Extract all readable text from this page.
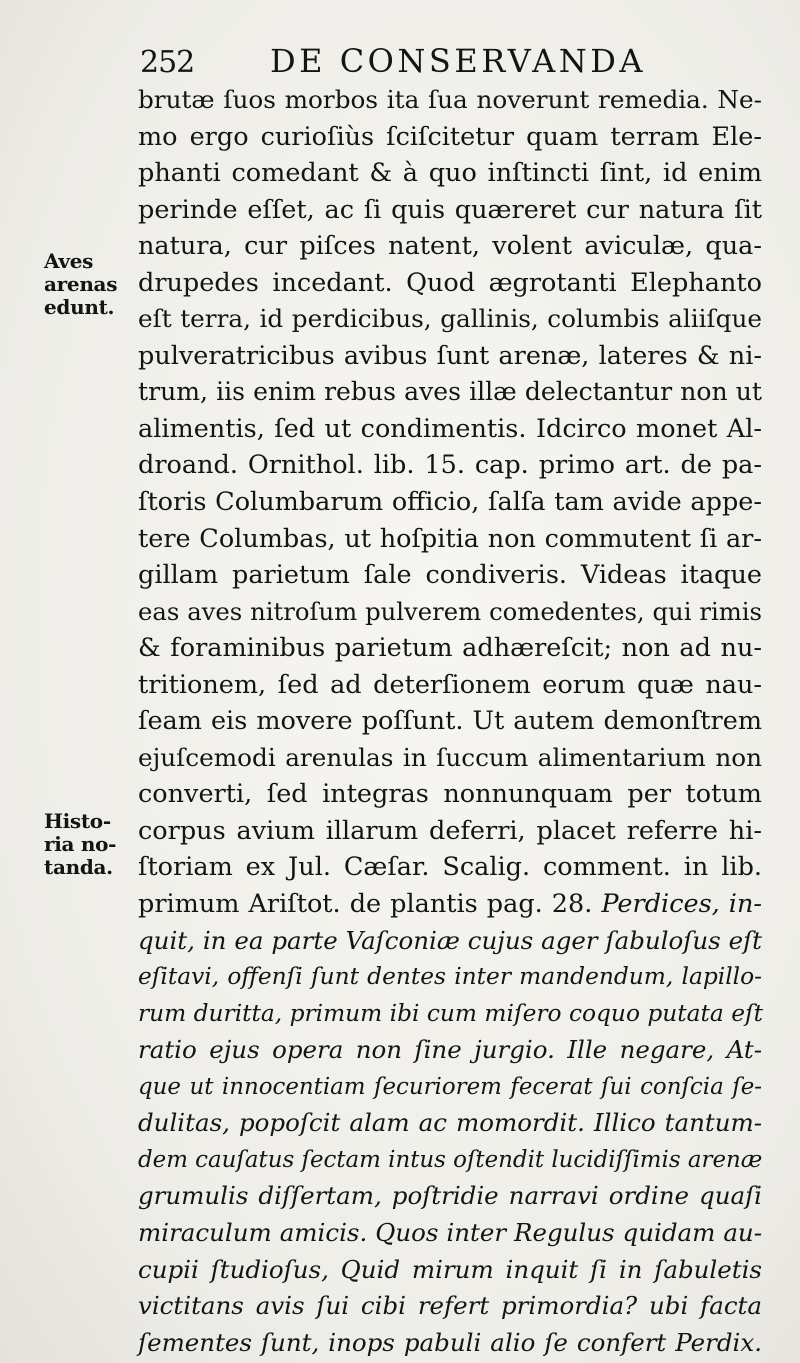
252 DE CONSERVANDA
Aves
arenas
edunt.
Histo-
ria no-
tanda.
brutæ ſuos morbos ita ſua noverunt remedia. Ne-
mo ergo curioſiùs ſciſcitetur quam terram Ele-
phanti comedant & à quo inſtincti ſint, id enim
perinde eſſet, ac ſi quis quæreret cur natura ſit
natura, cur piſces natent, volent aviculæ, qua-
drupedes incedant. Quod ægrotanti Elephanto
eſt terra, id perdicibus, gallinis, columbis aliiſque
pulveratricibus avibus ſunt arenæ, lateres & ni-
trum, iis enim rebus aves illæ delectantur non ut
alimentis, ſed ut condimentis. Idcirco monet Al-
droand. Ornithol. lib. 15. cap. primo art. de pa-
ſtoris Columbarum officio, ſalſa tam avide appe-
tere Columbas, ut hoſpitia non commutent ſi ar-
gillam parietum ſale condiveris. Videas itaque
eas aves nitroſum pulverem comedentes, qui rimis
& foraminibus parietum adhæreſcit; non ad nu-
tritionem, ſed ad deterſionem eorum quæ nau-
ſeam eis movere poſſunt. Ut autem demonſtrem
ejuſcemodi arenulas in ſuccum alimentarium non
converti, ſed integras nonnunquam per totum
corpus avium illarum deferri, placet referre hi-
ſtoriam ex Jul. Cæſar. Scalig. comment. in lib.
primum Ariſtot. de plantis pag. 28. Perdices, in-
quit, in ea parte Vaſconiæ cujus ager ſabuloſus eſt
eſitavi, offenſi ſunt dentes inter mandendum, lapillo-
rum duritta, primum ibi cum miſero coquo putata eſt
ratio ejus opera non ſine jurgio. Ille negare, At-
que ut innocentiam ſecuriorem fecerat ſui conſcia ſe-
dulitas, popoſcit alam ac momordit. Illico tantum-
dem cauſatus ſectam intus oſtendit lucidiſſimis arenæ
grumulis diſſertam, poſtridie narravi ordine quaſi
miraculum amicis. Quos inter Regulus quidam au-
cupii ſtudioſus, Quid mirum inquit ſi in ſabuletis
victitans avis ſui cibi refert primordia? ubi facta
ſementes ſunt, inops pabuli alio ſe confert Perdix.
